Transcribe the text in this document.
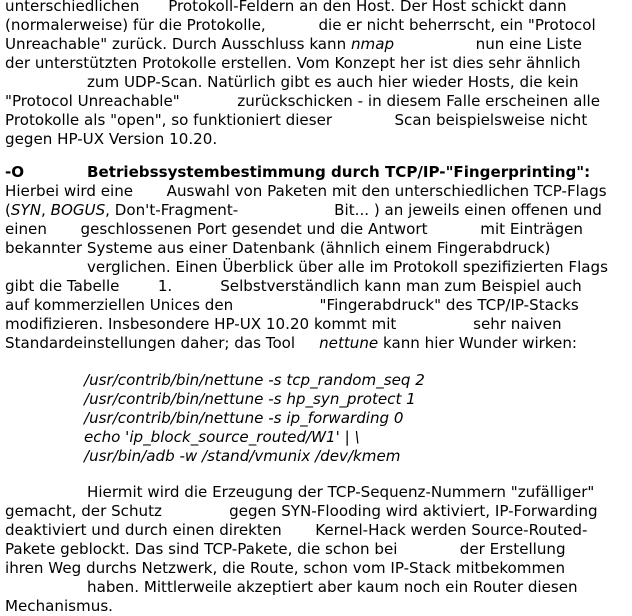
unterschiedlichen      Protokoll-Feldern an den Host. Der Host schickt dann
(normalerweise) für die Protokolle,           die er nicht beherrscht, ein "Protocol
Unreachable" zurück. Durch Ausschluss kann nmap                 nun eine Liste
der unterstützten Protokolle erstellen. Vom Konzept her ist dies sehr ähnlich
zum UDP-Scan. Natürlich gibt es auch hier wieder Hosts, die kein
"Protocol Unreachable"            zurückschicken - in diesem Falle erscheinen alle
Protokolle als "open", so funktioniert dieser             Scan beispielsweise nicht
gegen HP-UX Version 10.20.
-O	Betriebssystembestimmung durch TCP/IP-"Fingerprinting":
Hierbei wird eine       Auswahl von Paketen mit den unterschiedlichen TCP-Flags
(SYN, BOGUS, Don't-Fragment-                    Bit... ) an jeweils einen offenen und
einen       geschlossenen Port gesendet und die Antwort           mit Einträgen
bekannter Systeme aus einer Datenbank (ähnlich einem Fingerabdruck)
verglichen. Einen Überblick über alle im Protokoll spezifizierten Flags
gibt die Tabelle        1.          Selbstverständlich kann man zum Beispiel auch
auf kommerziellen Unices den                  "Fingerabdruck" des TCP/IP-Stacks
modifizieren. Insbesondere HP-UX 10.20 kommt mit                sehr naiven
Standardeinstellungen daher; das Tool     nettune kann hier Wunder wirken:
/usr/contrib/bin/nettune -s tcp_random_seq 2
/usr/contrib/bin/nettune -s hp_syn_protect 1
/usr/contrib/bin/nettune -s ip_forwarding 0
echo 'ip_block_source_routed/W1' | \
/usr/bin/adb -w /stand/vmunix /dev/kmem
Hiermit wird die Erzeugung der TCP-Sequenz-Nummern "zufälliger"
gemacht, der Schutz              gegen SYN-Flooding wird aktiviert, IP-Forwarding
deaktiviert und durch einen direkten       Kernel-Hack werden Source-Routed-
Pakete geblockt. Das sind TCP-Pakete, die schon bei             der Erstellung
ihren Weg durchs Netzwerk, die Route, schon vom IP-Stack mitbekommen
haben. Mittlerweile akzeptiert aber kaum noch ein Router diesen
Mechanismus.
